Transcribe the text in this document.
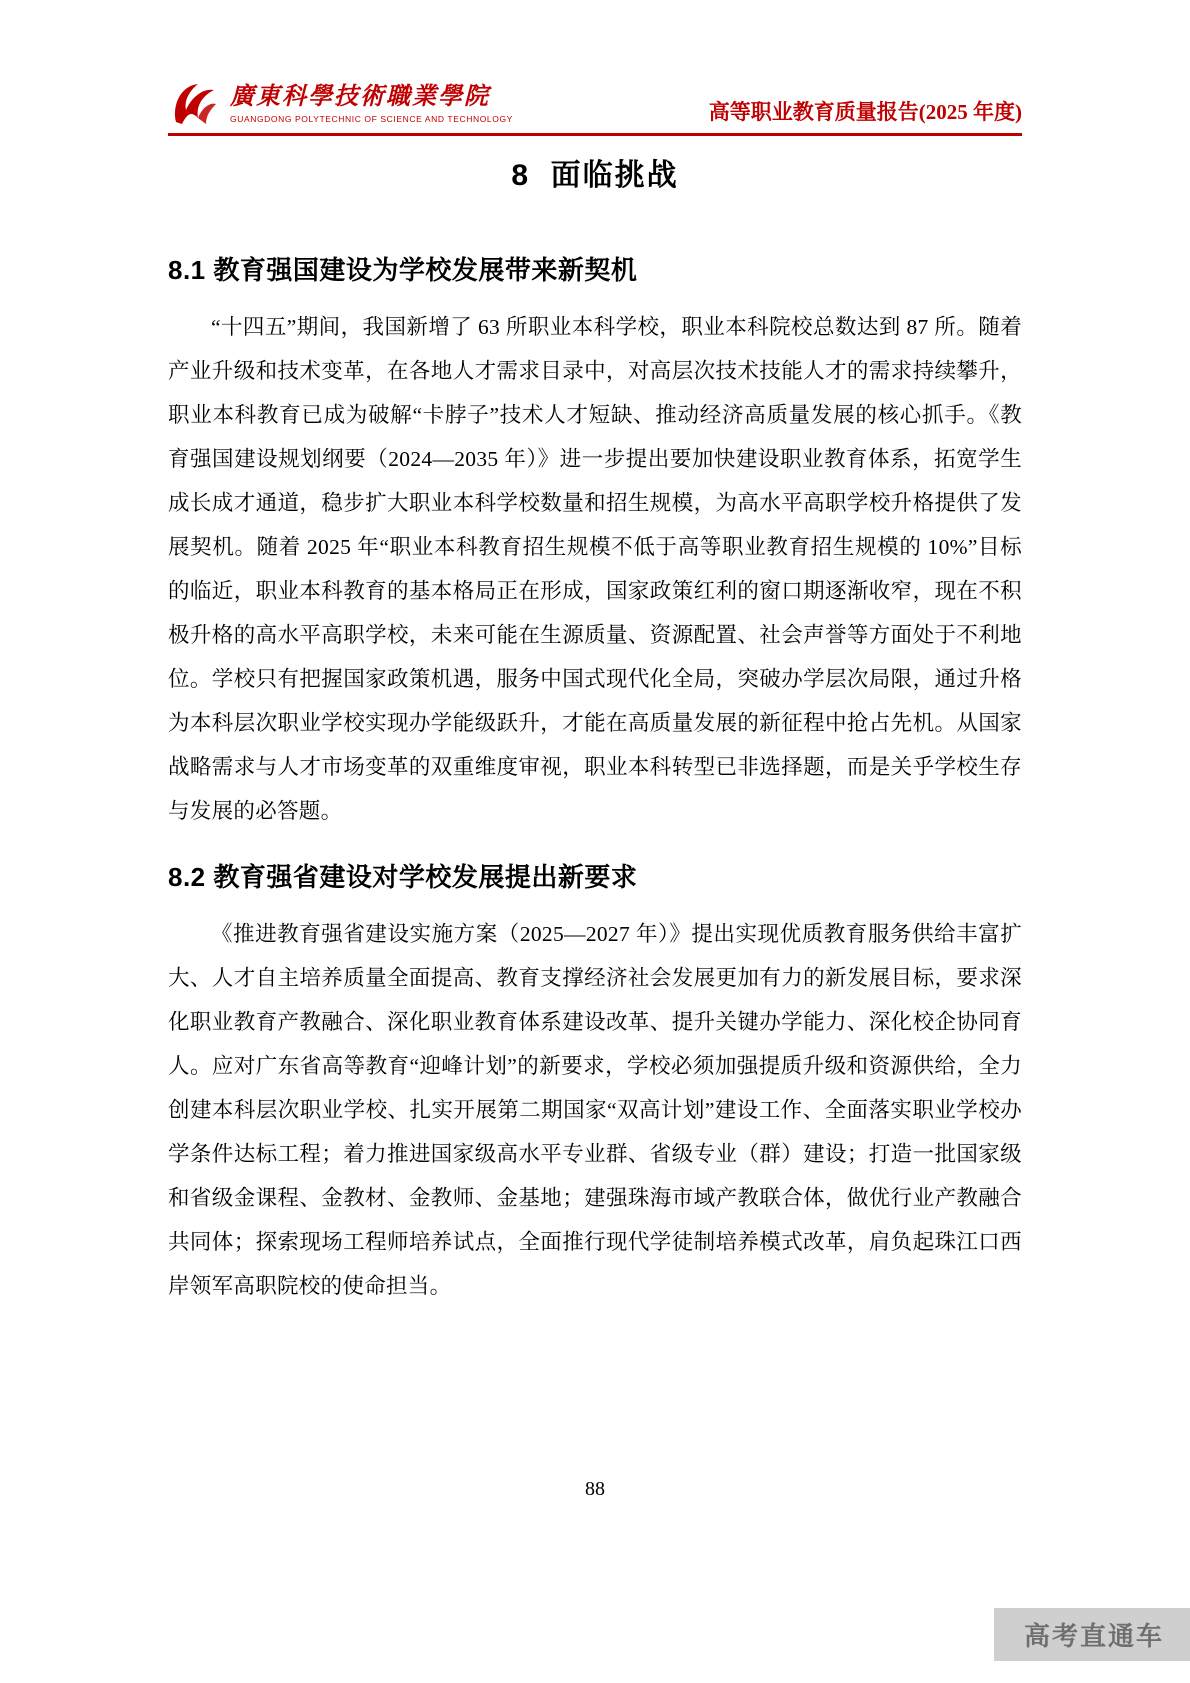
廣東科學技術職業學院
GUANGDONG POLYTECHNIC OF SCIENCE AND TECHNOLOGY	高等职业教育质量报告(2025 年度)
8  面临挑战
8.1 教育强国建设为学校发展带来新契机

“十四五”期间，我国新增了 63 所职业本科学校，职业本科院校总数达到 87 所。随着产业升级和技术变革，在各地人才需求目录中，对高层次技术技能人才的需求持续攀升，职业本科教育已成为破解“卡脖子”技术人才短缺、推动经济高质量发展的核心抓手。《教育强国建设规划纲要（2024—2035 年）》进一步提出要加快建设职业教育体系，拓宽学生成长成才通道，稳步扩大职业本科学校数量和招生规模，为高水平高职学校升格提供了发展契机。随着 2025 年“职业本科教育招生规模不低于高等职业教育招生规模的 10%”目标的临近，职业本科教育的基本格局正在形成，国家政策红利的窗口期逐渐收窄，现在不积极升格的高水平高职学校，未来可能在生源质量、资源配置、社会声誉等方面处于不利地位。学校只有把握国家政策机遇，服务中国式现代化全局，突破办学层次局限，通过升格为本科层次职业学校实现办学能级跃升，才能在高质量发展的新征程中抢占先机。从国家战略需求与人才市场变革的双重维度审视，职业本科转型已非选择题，而是关乎学校生存与发展的必答题。

8.2 教育强省建设对学校发展提出新要求

《推进教育强省建设实施方案（2025—2027 年）》提出实现优质教育服务供给丰富扩大、人才自主培养质量全面提高、教育支撑经济社会发展更加有力的新发展目标，要求深化职业教育产教融合、深化职业教育体系建设改革、提升关键办学能力、深化校企协同育人。应对广东省高等教育“迎峰计划”的新要求，学校必须加强提质升级和资源供给，全力创建本科层次职业学校、扎实开展第二期国家“双高计划”建设工作、全面落实职业学校办学条件达标工程；着力推进国家级高水平专业群、省级专业（群）建设；打造一批国家级和省级金课程、金教材、金教师、金基地；建强珠海市域产教联合体，做优行业产教融合共同体；探索现场工程师培养试点，全面推行现代学徒制培养模式改革，肩负起珠江口西岸领军高职院校的使命担当。

88
高考直通车
